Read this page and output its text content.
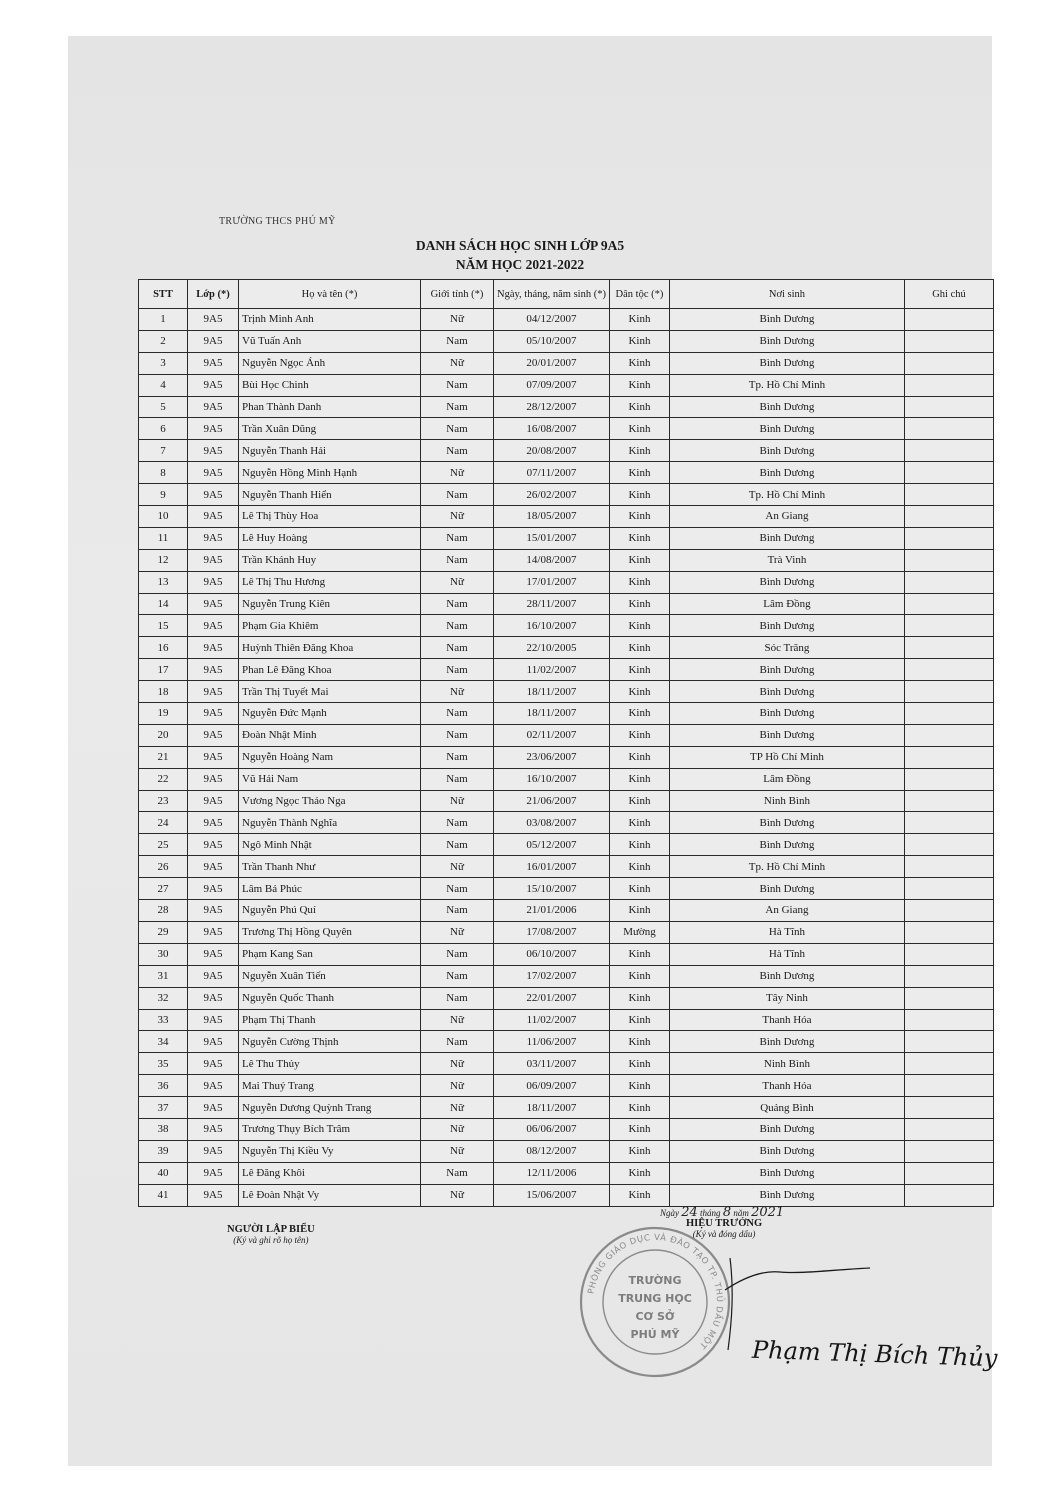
TRƯỜNG THCS PHÚ MỸ
DANH SÁCH HỌC SINH LỚP 9A5
NĂM HỌC 2021-2022
STT	Lớp (*)	Họ và tên (*)	Giới tính (*)	Ngày, tháng, năm sinh (*)	Dân tộc (*)	Nơi sinh	Ghi chú
1	9A5	Trịnh Minh Anh	Nữ	04/12/2007	Kinh	Bình Dương	
2	9A5	Vũ Tuấn Anh	Nam	05/10/2007	Kinh	Bình Dương	
3	9A5	Nguyễn Ngọc Ánh	Nữ	20/01/2007	Kinh	Bình Dương	
4	9A5	Bùi Học Chinh	Nam	07/09/2007	Kinh	Tp. Hồ Chí Minh	
5	9A5	Phan Thành Danh	Nam	28/12/2007	Kinh	Bình Dương	
6	9A5	Trần Xuân Dũng	Nam	16/08/2007	Kinh	Bình Dương	
7	9A5	Nguyễn Thanh Hải	Nam	20/08/2007	Kinh	Bình Dương	
8	9A5	Nguyễn Hồng Minh Hạnh	Nữ	07/11/2007	Kinh	Bình Dương	
9	9A5	Nguyễn Thanh Hiển	Nam	26/02/2007	Kinh	Tp. Hồ Chí Minh	
10	9A5	Lê Thị Thùy Hoa	Nữ	18/05/2007	Kinh	An Giang	
11	9A5	Lê Huy Hoàng	Nam	15/01/2007	Kinh	Bình Dương	
12	9A5	Trần Khánh Huy	Nam	14/08/2007	Kinh	Trà Vinh	
13	9A5	Lê Thị Thu Hương	Nữ	17/01/2007	Kinh	Bình Dương	
14	9A5	Nguyễn Trung Kiên	Nam	28/11/2007	Kinh	Lâm Đồng	
15	9A5	Phạm Gia Khiêm	Nam	16/10/2007	Kinh	Bình Dương	
16	9A5	Huỳnh Thiên Đăng Khoa	Nam	22/10/2005	Kinh	Sóc Trăng	
17	9A5	Phan Lê Đăng Khoa	Nam	11/02/2007	Kinh	Bình Dương	
18	9A5	Trần Thị Tuyết Mai	Nữ	18/11/2007	Kinh	Bình Dương	
19	9A5	Nguyễn Đức Mạnh	Nam	18/11/2007	Kinh	Bình Dương	
20	9A5	Đoàn Nhật Minh	Nam	02/11/2007	Kinh	Bình Dương	
21	9A5	Nguyễn Hoàng Nam	Nam	23/06/2007	Kinh	TP Hồ Chí Minh	
22	9A5	Vũ Hải Nam	Nam	16/10/2007	Kinh	Lâm Đồng	
23	9A5	Vương Ngọc Thảo Nga	Nữ	21/06/2007	Kinh	Ninh Bình	
24	9A5	Nguyễn Thành Nghĩa	Nam	03/08/2007	Kinh	Bình Dương	
25	9A5	Ngô Minh Nhật	Nam	05/12/2007	Kinh	Bình Dương	
26	9A5	Trần Thanh Như	Nữ	16/01/2007	Kinh	Tp. Hồ Chí Minh	
27	9A5	Lâm Bá Phúc	Nam	15/10/2007	Kinh	Bình Dương	
28	9A5	Nguyễn Phú Quí	Nam	21/01/2006	Kinh	An Giang	
29	9A5	Trương Thị Hồng Quyên	Nữ	17/08/2007	Mường	Hà Tĩnh	
30	9A5	Phạm Kang San	Nam	06/10/2007	Kinh	Hà Tĩnh	
31	9A5	Nguyễn Xuân Tiến	Nam	17/02/2007	Kinh	Bình Dương	
32	9A5	Nguyễn Quốc Thanh	Nam	22/01/2007	Kinh	Tây Ninh	
33	9A5	Phạm Thị Thanh	Nữ	11/02/2007	Kinh	Thanh Hóa	
34	9A5	Nguyễn Cường Thịnh	Nam	11/06/2007	Kinh	Bình Dương	
35	9A5	Lê Thu Thủy	Nữ	03/11/2007	Kinh	Ninh Bình	
36	9A5	Mai Thuý Trang	Nữ	06/09/2007	Kinh	Thanh Hóa	
37	9A5	Nguyễn Dương Quỳnh Trang	Nữ	18/11/2007	Kinh	Quảng Bình	
38	9A5	Trương Thụy Bích Trâm	Nữ	06/06/2007	Kinh	Bình Dương	
39	9A5	Nguyễn Thị Kiều Vy	Nữ	08/12/2007	Kinh	Bình Dương	
40	9A5	Lê Đăng Khôi	Nam	12/11/2006	Kinh	Bình Dương	
41	9A5	Lê Đoàn Nhật Vy	Nữ	15/06/2007	Kinh	Bình Dương	
NGƯỜI LẬP BIỂU
(Ký và ghi rõ họ tên)
Ngày 24 tháng 8 năm 2021
HIỆU TRƯỞNG
(Ký và đóng dấu)
PHÒNG GIÁO DỤC VÀ ĐÀO TẠO TP. THỦ DẦU MỘT
TRƯỜNG
TRUNG HỌC
CƠ SỞ
PHÚ MỸ
Phạm Thị Bích Thủy
